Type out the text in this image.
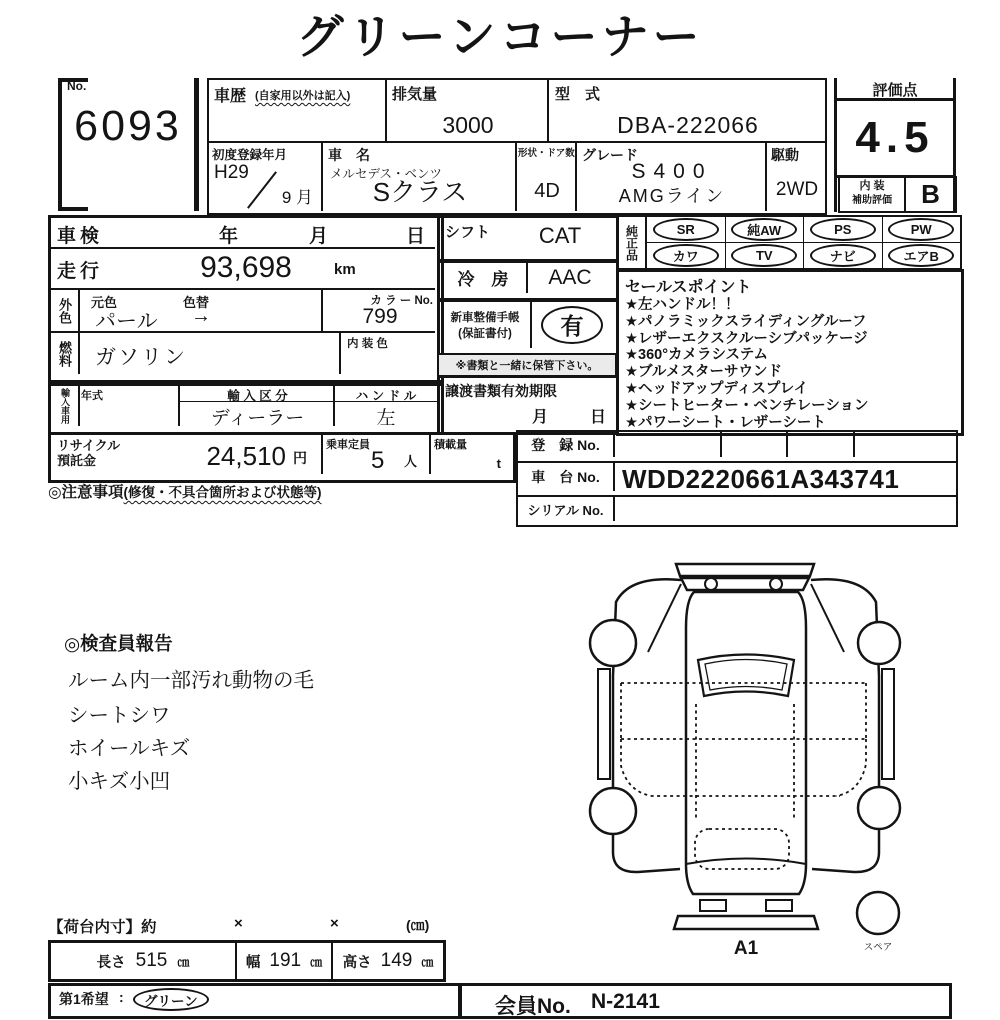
グリーンコーナー
No.
6093
車歴 (自家用以外は記入)	排気量
3000
型　式
DBA-222066
初度登録年月
H29
9 月
車　名
メルセデス・ベンツ
Sクラス
形状・ドア数
4D
グレード
S400
AMGライン
駆動
2WD
評価点
4.5
内 装
補助評価	B
車検	年	月	日
走行	93,698	km
外色 元色	色替
パール →
カ ラ ー No.
799
燃料 ガソリン
内 装 色
輸入車用 年式	輸 入 区 分
ディーラー
ハ ン ド ル
左
シフト	CAT
冷　房	AAC
新車整備手帳
(保証書付)	有
※書類と一緒に保管下さい。
譲渡書類有効期限
月	日
純正品	SR	純AW	PS	PW
カワ	TV	ナビ	エアB
セールスポイント
★左ハンドル！！
★パノラミックスライディングルーフ
★レザーエクスクルーシブパッケージ
★360°カメラシステム
★ブルメスターサウンド
★ヘッドアップディスプレイ
★シートヒーター・ベンチレーション
★パワーシート・レザーシート
リサイクル
預託金	24,510 円
乗車定員
5 人
積載量
t
◎注意事項(修復・不具合箇所および状態等)
登　録 No.
車　台 No. WDD2220661A343741
シリアル No.
◎検査員報告
ルーム内一部汚れ動物の毛
シートシワ
ホイールキズ
小キズ小凹
A1	スペア
【荷台内寸】約	×	×	(㎝)
長さ 515 ㎝	幅 191 ㎝ 高さ 149 ㎝
第1希望 :	グリーン	会員No. N-2141
